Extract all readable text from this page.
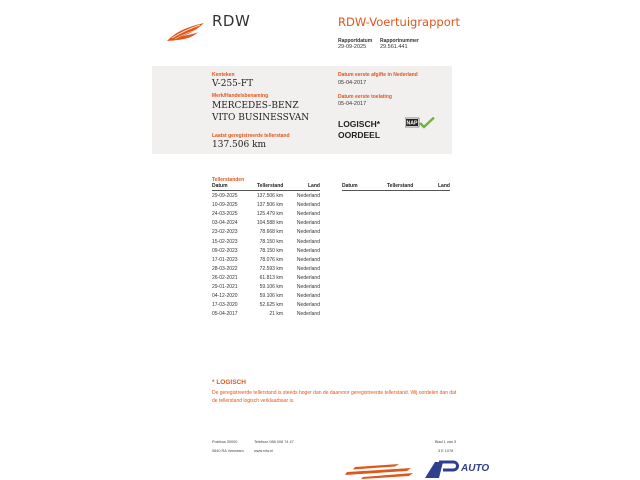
RDW	RDW-Voertuigrapport
Rapportdatum
29-09-2025
Rapportnummer
29.561.441
Kenteken
V-255-FT
Merk/Handelsbenaming
MERCEDES-BENZ
VITO BUSINESSVAN
Laatst geregistreerde tellerstand
137.506 km
Datum eerste afgifte in Nederland
05-04-2017
Datum eerste toelating
05-04-2017
LOGISCH*
OORDEEL
NAP
Tellerstanden
Datum	Tellerstand	Land	Datum	Tellerstand	Land
29-09-2025	137.506 km	Nederland
10-09-2025	137.506 km	Nederland
24-03-2025	125.479 km	Nederland
03-04-2024	104.588 km	Nederland
23-02-2023	78.668 km	Nederland
15-02-2023	78.150 km	Nederland
09-02-2023	78.150 km	Nederland
17-01-2023	78.076 km	Nederland
28-03-2022	72.593 km	Nederland
26-02-2021	61.813 km	Nederland
29-01-2021	59.106 km	Nederland
04-12-2020	59.106 km	Nederland
17-03-2020	52.625 km	Nederland
05-04-2017	21 km	Nederland
* LOGISCH
De geregistreerde tellerstand is steeds hoger dan de daarvoor geregistreerde tellerstand. Wij oordelen dan dat de tellerstand logisch verklaarbaar is.
Postbus 30000
9640 RA Veendam
Telefoon 088 008 74 47
www.rdw.nl
Blad 1 van 3
3 E 1078
AUTO
